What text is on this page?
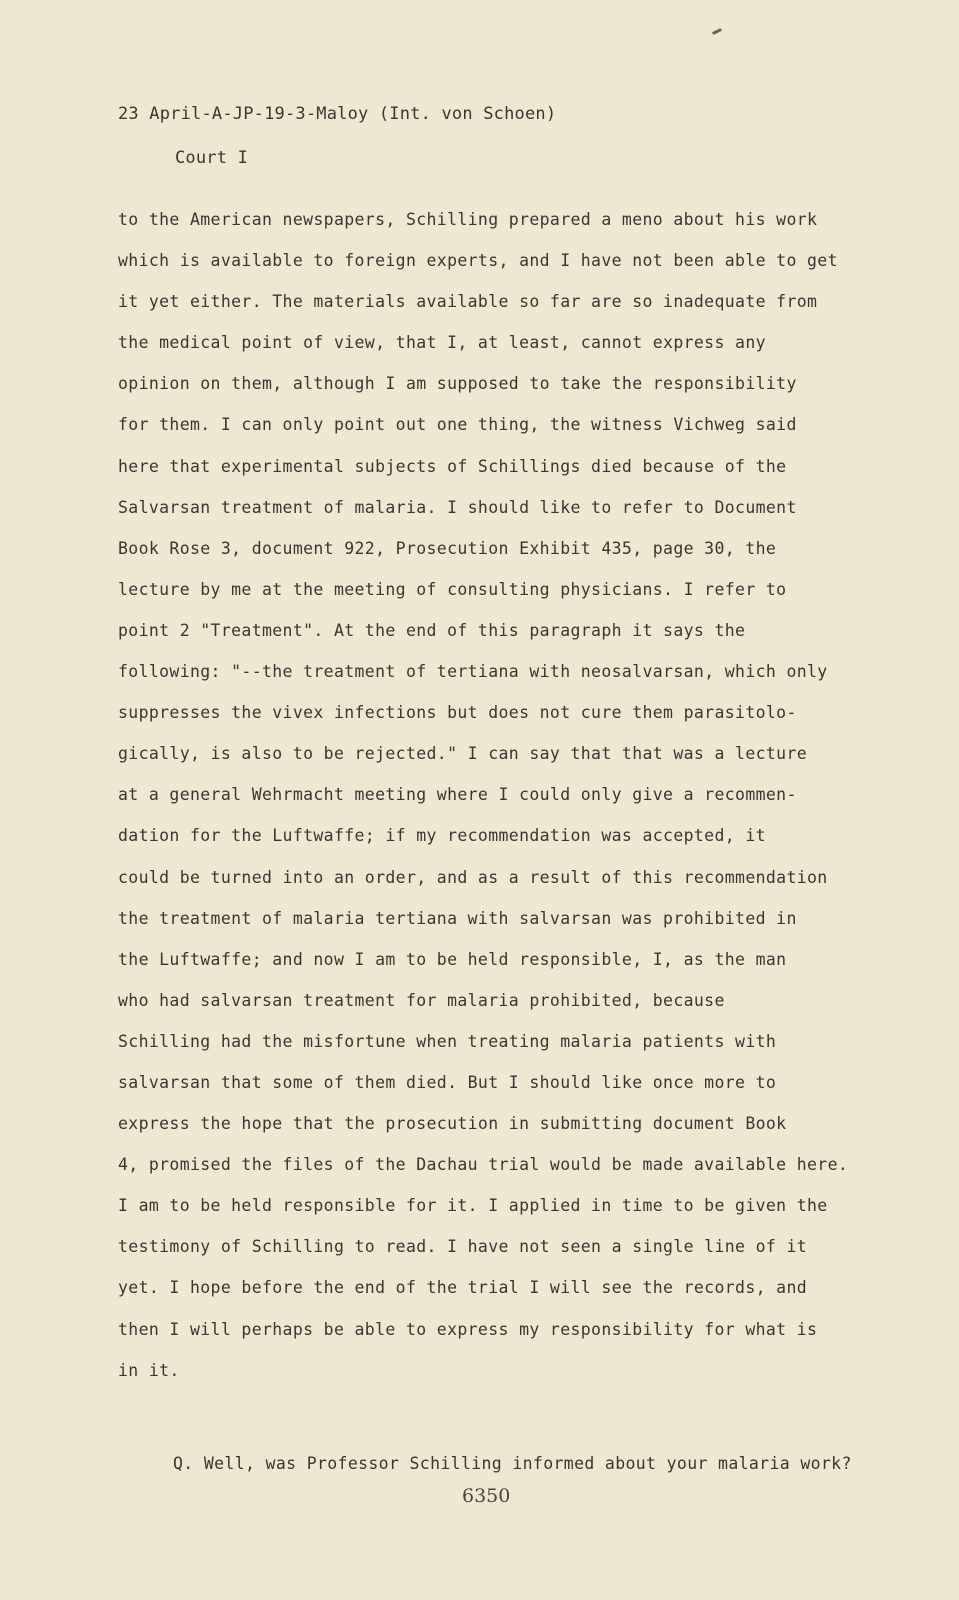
23 April-A-JP-19-3-Maloy (Int. von Schoen)
Court I
to the American newspapers, Schilling prepared a meno about his work
which is available to foreign experts, and I have not been able to get
it yet either. The materials available so far are so inadequate from
the medical point of view, that I, at least, cannot express any
opinion on them, although I am supposed to take the responsibility
for them. I can only point out one thing, the witness Vichweg said
here that experimental subjects of Schillings died because of the
Salvarsan treatment of malaria. I should like to refer to Document
Book Rose 3, document 922, Prosecution Exhibit 435, page 30, the
lecture by me at the meeting of consulting physicians. I refer to
point 2 "Treatment". At the end of this paragraph it says the
following: "--the treatment of tertiana with neosalvarsan, which only
suppresses the vivex infections but does not cure them parasitolo-
gically, is also to be rejected." I can say that that was a lecture
at a general Wehrmacht meeting where I could only give a recommen-
dation for the Luftwaffe; if my recommendation was accepted, it
could be turned into an order, and as a result of this recommendation
the treatment of malaria tertiana with salvarsan was prohibited in
the Luftwaffe; and now I am to be held responsible, I, as the man
who had salvarsan treatment for malaria prohibited, because
Schilling had the misfortune when treating malaria patients with
salvarsan that some of them died. But I should like once more to
express the hope that the prosecution in submitting document Book
4, promised the files of the Dachau trial would be made available here.
I am to be held responsible for it. I applied in time to be given the
testimony of Schilling to read. I have not seen a single line of it
yet. I hope before the end of the trial I will see the records, and
then I will perhaps be able to express my responsibility for what is
in it.
Q. Well, was Professor Schilling informed about your malaria work?
6350
